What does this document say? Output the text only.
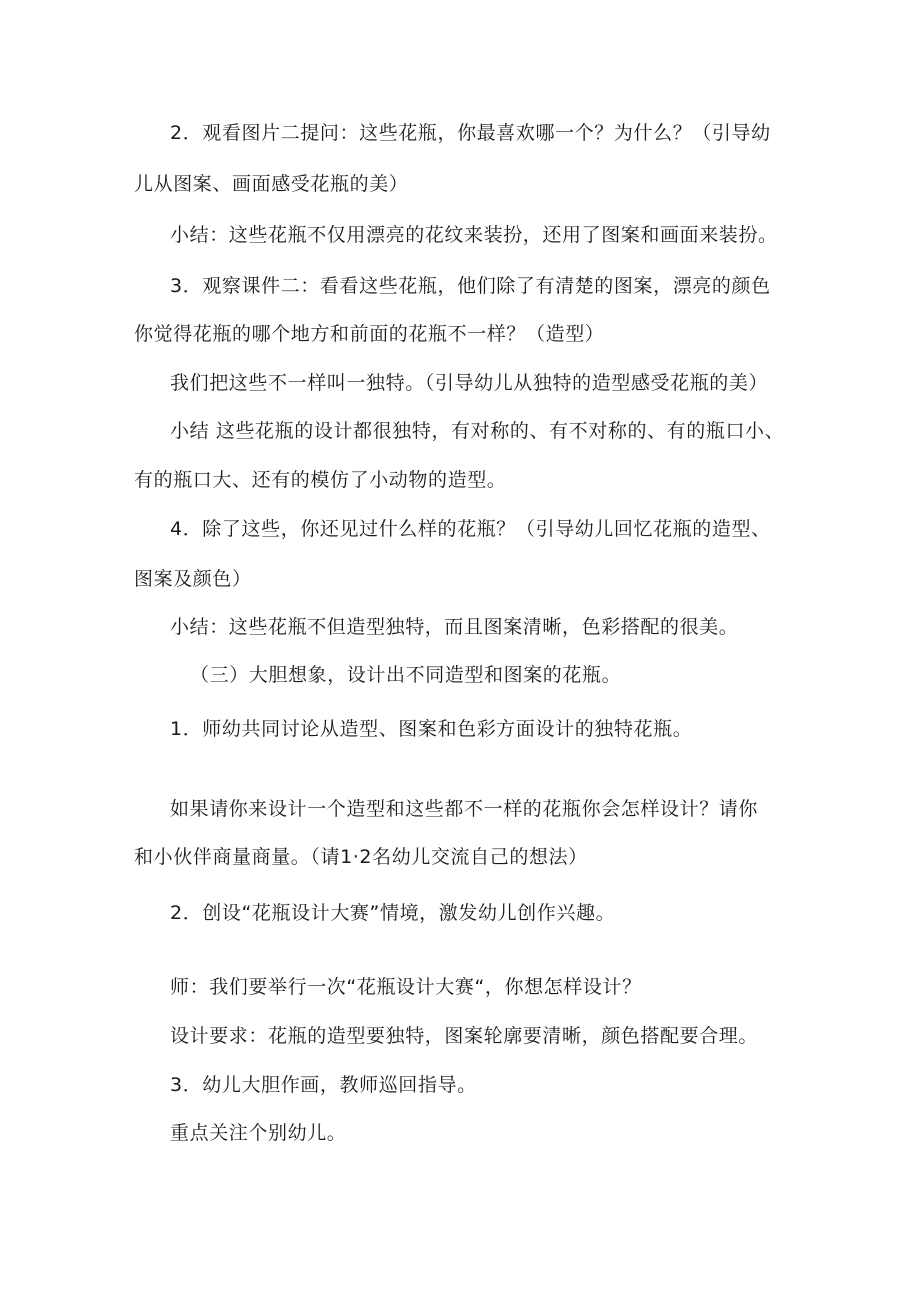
2．观看图片二提问：这些花瓶，你最喜欢哪一个？为什么？（引导幼
儿从图案、画面感受花瓶的美）
小结：这些花瓶不仅用漂亮的花纹来装扮，还用了图案和画面来装扮。
3．观察课件二：看看这些花瓶，他们除了有清楚的图案，漂亮的颜色
你觉得花瓶的哪个地方和前面的花瓶不一样？（造型）
我们把这些不一样叫一独特。（引导幼儿从独特的造型感受花瓶的美）
小结 这些花瓶的设计都很独特，有对称的、有不对称的、有的瓶口小、
有的瓶口大、还有的模仿了小动物的造型。
4．除了这些，你还见过什么样的花瓶？（引导幼儿回忆花瓶的造型、
图案及颜色）
小结：这些花瓶不但造型独特，而且图案清晰，色彩搭配的很美。
（三）大胆想象，设计出不同造型和图案的花瓶。
1．师幼共同讨论从造型、图案和色彩方面设计的独特花瓶。
如果请你来设计一个造型和这些都不一样的花瓶你会怎样设计？请你
和小伙伴商量商量。（请1·2名幼儿交流自己的想法）
2．创设“花瓶设计大赛”情境，激发幼儿创作兴趣。
师：我们要举行一次“花瓶设计大赛“，你想怎样设计？
设计要求：花瓶的造型要独特，图案轮廓要清晰，颜色搭配要合理。
3．幼儿大胆作画，教师巡回指导。
重点关注个别幼儿。
